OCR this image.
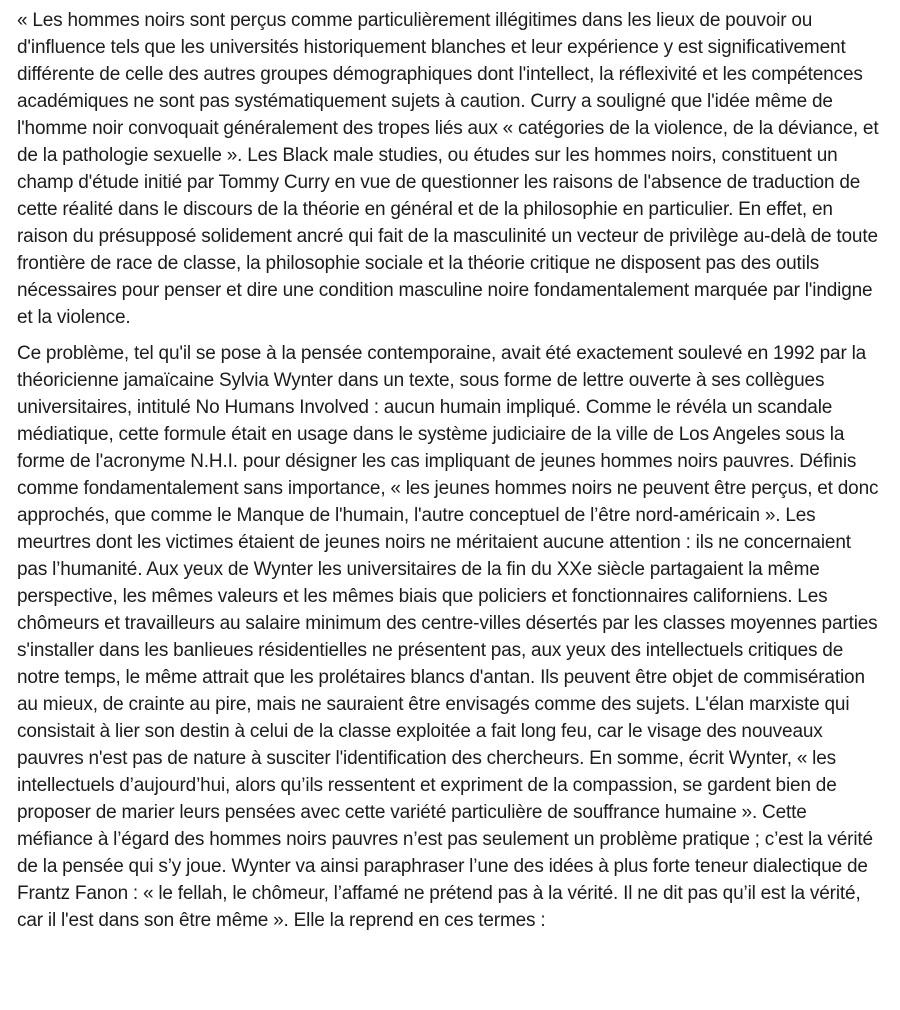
« Les hommes noirs sont perçus comme particulièrement illégitimes dans les lieux de pouvoir ou d'influence tels que les universités historiquement blanches et leur expérience y est significativement différente de celle des autres groupes démographiques dont l'intellect, la réflexivité et les compétences académiques ne sont pas systématiquement sujets à caution. Curry a souligné que l'idée même de l'homme noir convoquait généralement des tropes liés aux « catégories de la violence, de la déviance, et de la pathologie sexuelle ». Les Black male studies, ou études sur les hommes noirs, constituent un champ d'étude initié par Tommy Curry en vue de questionner les raisons de l'absence de traduction de cette réalité dans le discours de la théorie en général et de la philosophie en particulier. En effet, en raison du présupposé solidement ancré qui fait de la masculinité un vecteur de privilège au-delà de toute frontière de race de classe, la philosophie sociale et la théorie critique ne disposent pas des outils nécessaires pour penser et dire une condition masculine noire fondamentalement marquée par l'indigne et la violence.

Ce problème, tel qu'il se pose à la pensée contemporaine, avait été exactement soulevé en 1992 par la théoricienne jamaïcaine Sylvia Wynter dans un texte, sous forme de lettre ouverte à ses collègues universitaires, intitulé No Humans Involved : aucun humain impliqué. Comme le révéla un scandale médiatique, cette formule était en usage dans le système judiciaire de la ville de Los Angeles sous la forme de l'acronyme N.H.I. pour désigner les cas impliquant de jeunes hommes noirs pauvres. Définis comme fondamentalement sans importance, « les jeunes hommes noirs ne peuvent être perçus, et donc approchés, que comme le Manque de l'humain, l'autre conceptuel de l’être nord-américain ». Les meurtres dont les victimes étaient de jeunes noirs ne méritaient aucune attention : ils ne concernaient pas l’humanité. Aux yeux de Wynter les universitaires de la fin du XXe siècle partagaient la même perspective, les mêmes valeurs et les mêmes biais que policiers et fonctionnaires californiens. Les chômeurs et travailleurs au salaire minimum des centre-villes désertés par les classes moyennes parties s'installer dans les banlieues résidentielles ne présentent pas, aux yeux des intellectuels critiques de notre temps, le même attrait que les prolétaires blancs d'antan. Ils peuvent être objet de commisération au mieux, de crainte au pire, mais ne sauraient être envisagés comme des sujets. L'élan marxiste qui consistait à lier son destin à celui de la classe exploitée a fait long feu, car le visage des nouveaux pauvres n'est pas de nature à susciter l'identification des chercheurs. En somme, écrit Wynter, « les intellectuels d’aujourd’hui, alors qu’ils ressentent et expriment de la compassion, se gardent bien de proposer de marier leurs pensées avec cette variété particulière de souffrance humaine ». Cette méfiance à l’égard des hommes noirs pauvres n’est pas seulement un problème pratique ; c’est la vérité de la pensée qui s’y joue. Wynter va ainsi paraphraser l’une des idées à plus forte teneur dialectique de Frantz Fanon : « le fellah, le chômeur, l’affamé ne prétend pas à la vérité. Il ne dit pas qu’il est la vérité, car il l'est dans son être même ». Elle la reprend en ces termes :
